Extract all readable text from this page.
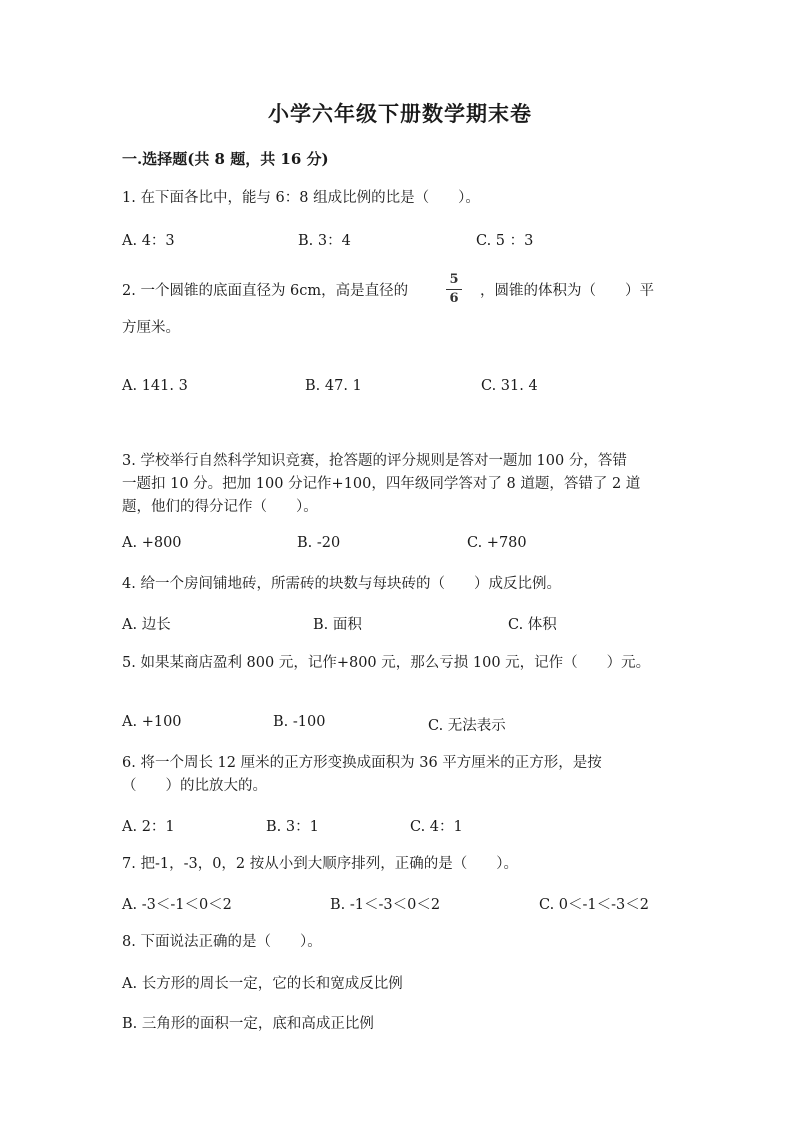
小学六年级下册数学期末卷
一.选择题(共 8 题，共 16 分)
1. 在下面各比中，能与 6：8 组成比例的比是（　　）。
A. 4：3	B. 3：4	C. 5 ：3
2. 一个圆锥的底面直径为 6cm，高是直径的
5
6	，圆锥的体积为（　　）平
方厘米。
A. 141. 3	B. 47. 1	C. 31. 4
3. 学校举行自然科学知识竞赛，抢答题的评分规则是答对一题加 100 分，答错
一题扣 10 分。把加 100 分记作+100，四年级同学答对了 8 道题，答错了 2 道
题，他们的得分记作（　　）。
A. +800	B. -20	C. +780
4. 给一个房间铺地砖，所需砖的块数与每块砖的（　　）成反比例。
A. 边长	B. 面积	C. 体积
5. 如果某商店盈利 800 元，记作+800 元，那么亏损 100 元，记作（　　）元。
A. +100	B. -100	C. 无法表示
6. 将一个周长 12 厘米的正方形变换成面积为 36 平方厘米的正方形，是按
（　　）的比放大的。
A. 2：1	B. 3：1	C. 4：1
7. 把-1，-3，0，2 按从小到大顺序排列，正确的是（　　）。
A. -3＜-1＜0＜2	B. -1＜-3＜0＜2	C. 0＜-1＜-3＜2
8. 下面说法正确的是（　　）。
A. 长方形的周长一定，它的长和宽成反比例
B. 三角形的面积一定，底和高成正比例
